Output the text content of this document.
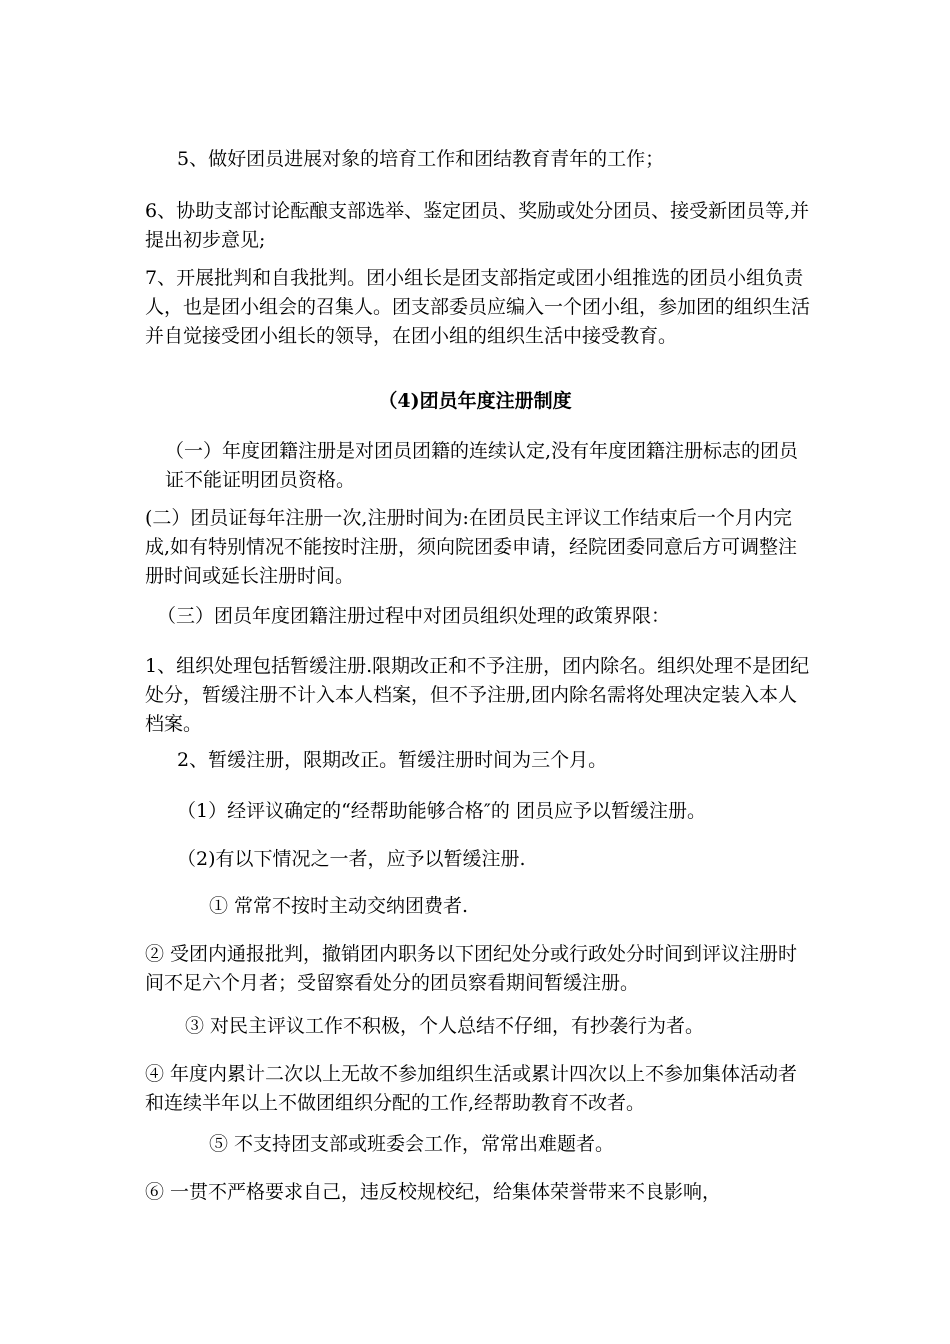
5、做好团员进展对象的培育工作和团结教育青年的工作；

6、协助支部讨论酝酿支部选举、鉴定团员、奖励或处分团员、接受新团员等,并提出初步意见;

7、开展批判和自我批判。团小组长是团支部指定或团小组推选的团员小组负责人，也是团小组会的召集人。团支部委员应编入一个团小组，参加团的组织生活并自觉接受团小组长的领导，在团小组的组织生活中接受教育。

（4)团员年度注册制度

（一）年度团籍注册是对团员团籍的连续认定,没有年度团籍注册标志的团员证不能证明团员资格。

(二）团员证每年注册一次,注册时间为:在团员民主评议工作结束后一个月内完成,如有特别情况不能按时注册，须向院团委申请，经院团委同意后方可调整注册时间或延长注册时间。

（三）团员年度团籍注册过程中对团员组织处理的政策界限：

1、组织处理包括暂缓注册.限期改正和不予注册，团内除名。组织处理不是团纪处分，暂缓注册不计入本人档案，但不予注册,团内除名需将处理决定装入本人档案。

2、暂缓注册，限期改正。暂缓注册时间为三个月。

（1）经评议确定的“经帮助能够合格″的 团员应予以暂缓注册。

（2)有以下情况之一者，应予以暂缓注册.

① 常常不按时主动交纳团费者.

② 受团内通报批判，撤销团内职务以下团纪处分或行政处分时间到评议注册时间不足六个月者；受留察看处分的团员察看期间暂缓注册。

③ 对民主评议工作不积极，个人总结不仔细，有抄袭行为者。

④ 年度内累计二次以上无故不参加组织生活或累计四次以上不参加集体活动者和连续半年以上不做团组织分配的工作,经帮助教育不改者。

⑤ 不支持团支部或班委会工作，常常出难题者。

⑥ 一贯不严格要求自己，违反校规校纪，给集体荣誉带来不良影响，
